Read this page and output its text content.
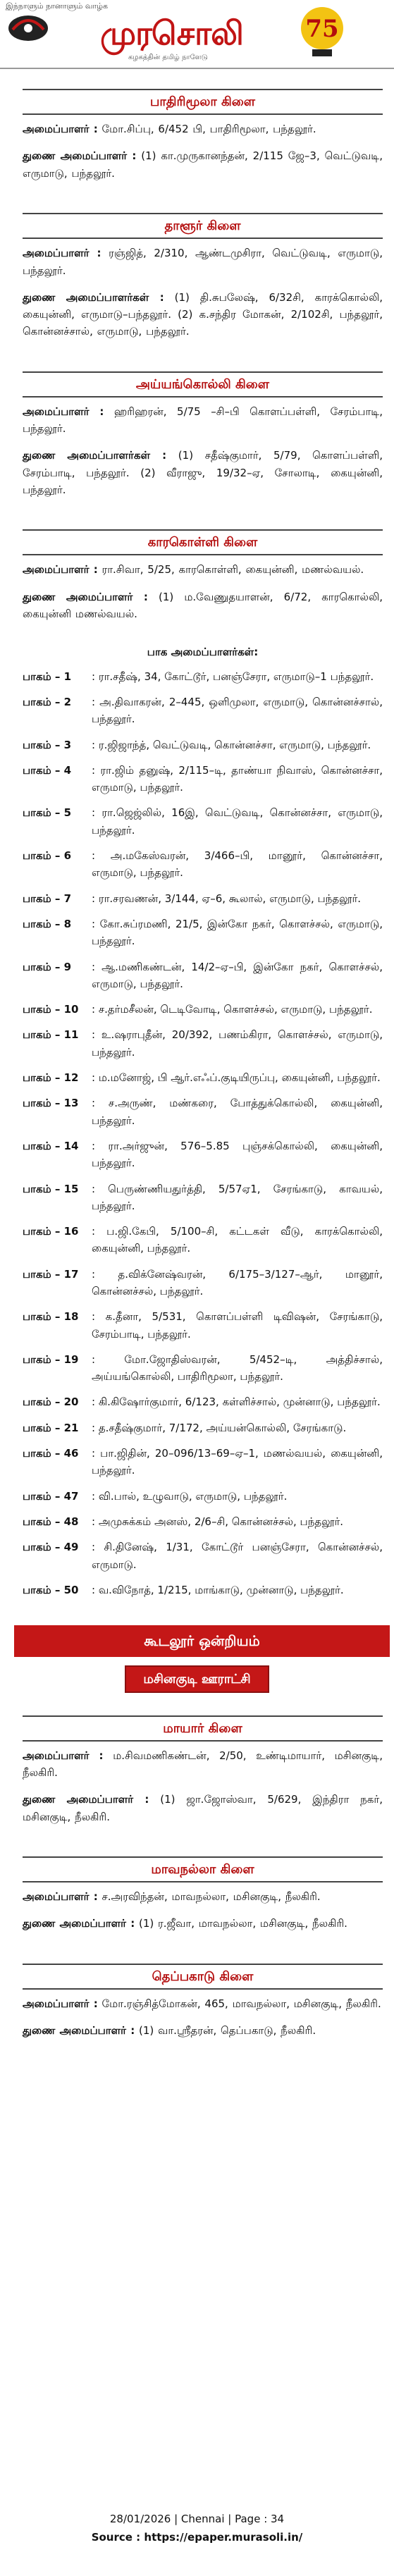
இந்நாளும் நானாளும் வாழ்க
முரசொலி
கழகத்தின் தமிழ் நாளேடு
75
பாதிரிமூலா கிளை
அமைப்பாளர் : மோ.சிப்பு, 6/452 பி, பாதிரிமூலா, பந்தலூர்.
துணை அமைப்பாளர் : (1) கா.முருகானந்தன், 2/115 ஜே–3, வெட்டுவடி, எருமாடு, பந்தலூர்.
தாளூர் கிளை
அமைப்பாளர் : ரஞ்ஜித், 2/310, ஆண்டமுசிரா, வெட்டுவடி, எருமாடு, பந்தலூர்.
துணை அமைப்பாளர்கள் : (1) தி.சுபலேஷ், 6/32சி, காரக்கொல்லி, கையுன்னி, எருமாடு–பந்தலூர். (2) க.சந்திர மோகன், 2/102சி, பந்தலூர், கொன்னச்சால், எருமாடு, பந்தலூர்.
அய்யங்கொல்லி கிளை
அமைப்பாளர் : ஹரிஹரன், 5/75 –சி–பி கொளப்பள்ளி, சேரம்பாடி, பந்தலூர்.
துணை அமைப்பாளர்கள் : (1) சதீஷ்குமார், 5/79, கொளப்பள்ளி, சேரம்பாடி, பந்தலூர். (2) வீராஜு, 19/32–ஏ, சோலாடி, கையுன்னி, பந்தலூர்.
காரகொள்ளி கிளை
அமைப்பாளர் : ரா.சிவா, 5/25, காரகொள்ளி, கையுன்னி, மணல்வயல்.
துணை அமைப்பாளர் : (1) ம.வேணுதயாளன், 6/72, காரகொல்லி, கையுன்னி மணல்வயல்.
பாக அமைப்பாளர்கள்:
பாகம் – 1	: ரா.சதீஷ், 34, கோட்டூர், பனஞ்சேரா, எருமாடு–1 பந்தலூர்.
பாகம் – 2	: அ.திவாகரன், 2–445, ஒளிமுலா, எருமாடு, கொன்னச்சால், பந்தலூர்.
பாகம் – 3	: ர.ஜிஜாந்த், வெட்டுவடி, கொன்னச்சா, எருமாடு, பந்தலூர்.
பாகம் – 4	: ரா.ஜிம் தனுஷ், 2/115–டி, தாண்யா நிவாஸ், கொன்னச்சா, எருமாடு, பந்தலூர்.
பாகம் – 5	: ரா.ஜெஜ்லில், 16இ, வெட்டுவடி, கொன்னச்சா, எருமாடு, பந்தலூர்.
பாகம் – 6	: அ.மகேஸ்வரன், 3/466–பி, மானூர், கொன்னச்சா, எருமாடு, பந்தலூர்.
பாகம் – 7	: ரா.சரவணன், 3/144, ஏ–6, கூலால், எருமாடு, பந்தலூர்.
பாகம் – 8	: கோ.சுப்ரமணி, 21/5, இன்கோ நகர், கொளச்சல், எருமாடு, பந்தலூர்.
பாகம் – 9	: ஆ.மணிகண்டன், 14/2–ஏ–பி, இன்கோ நகர், கொளச்சல், எருமாடு, பந்தலூர்.
பாகம் – 10	: ச.தர்மசீலன், டெடிவோடி, கொளச்சல், எருமாடு, பந்தலூர்.
பாகம் – 11	: உ.ஷராபுதீன், 20/392, பணம்கிரா, கொளச்சல், எருமாடு, பந்தலூர்.
பாகம் – 12	: ம.மனோஜ், பி ஆர்.எஃப்.குடியிருப்பு, கையுன்னி, பந்தலூர்.
பாகம் – 13	: ச.அருண், மண்கரை, போத்துக்கொல்லி, கையுன்னி, பந்தலூர்.
பாகம் – 14	: ரா.அர்ஜுன், 576–5.85 புஞ்சக்கொல்லி, கையுன்னி, பந்தலூர்.
பாகம் – 15	: பெருண்ணியதுர்த்தி, 5/57ஏ1, சேரங்காடு, காவயல், பந்தலூர்.
பாகம் – 16	: ப.ஜி.கேபி, 5/100–சி, கட்டகள் வீடு, காரக்கொல்லி, கையுன்னி, பந்தலூர்.
பாகம் – 17	: த.விக்னேஷ்வரன், 6/175–3/127–ஆர், மானூர், கொன்னச்சல், பந்தலூர்.
பாகம் – 18	: க.தீனா, 5/531, கொளப்பள்ளி டிவிஷன், சேரங்காடு, சேரம்பாடி, பந்தலூர்.
பாகம் – 19	: மோ.ஜோதிஸ்வரன், 5/452–டி, அத்திச்சால், அய்யங்கொல்லி, பாதிரிமூலா, பந்தலூர்.
பாகம் – 20	: கி.கிஷோர்குமார், 6/123, கள்ளிச்சால், முன்னாடு, பந்தலூர்.
பாகம் – 21	: த.சதீஷ்குமார், 7/172, அய்யன்கொல்லி, சேரங்காடு.
பாகம் – 46	: பா.ஜிதின், 20–096/13–69–ஏ–1, மணல்வயல், கையுன்னி, பந்தலூர்.
பாகம் – 47	: வி.பால், உழுவாடு, எருமாடு, பந்தலூர்.
பாகம் – 48	: அமுசுக்கம் அனஸ், 2/6–சி, கொன்னச்சல், பந்தலூர்.
பாகம் – 49	: சி.தினேஷ், 1/31, கோட்டூர் பனஞ்சேரா, கொன்னச்சல், எருமாடு.
பாகம் – 50	: வ.விநோத், 1/215, மாங்காடு, முன்னாடு, பந்தலூர்.
கூடலூர் ஒன்றியம்
மசினகுடி ஊராட்சி
மாயார் கிளை
அமைப்பாளர் : ம.சிவமணிகண்டன், 2/50, உண்டிமாயார், மசினகுடி, நீலகிரி.
துணை அமைப்பாளர் : (1) ஜா.ஜோஸ்வா, 5/629, இந்திரா நகர், மசினகுடி, நீலகிரி.
மாவநல்லா கிளை
அமைப்பாளர் : ச.அரவிந்தன், மாவநல்லா, மசினகுடி, நீலகிரி.
துணை அமைப்பாளர் : (1) ர.ஜீவா, மாவநல்லா, மசினகுடி, நீலகிரி.
தெப்பகாடு கிளை
அமைப்பாளர் : மோ.ரஞ்சித்மோகன், 465, மாவநல்லா, மசினகுடி, நீலகிரி.
துணை அமைப்பாளர் : (1) வா.ஸ்ரீதரன், தெப்பகாடு, நீலகிரி.
28/01/2026 | Chennai | Page : 34
Source : https://epaper.murasoli.in/
